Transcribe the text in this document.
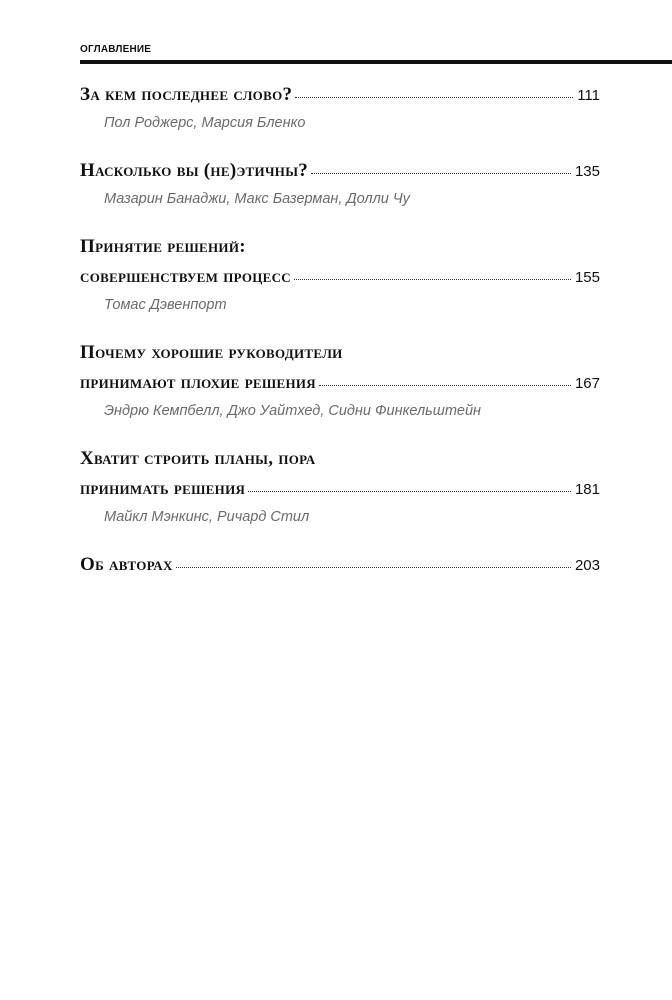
ОГЛАВЛЕНИЕ
За кем последнее слово?	111
Пол Роджерс, Марсия Бленко
Насколько вы (не)этичны?	135
Мазарин Банаджи, Макс Базерман, Долли Чу
Принятие решений:
совершенствуем процесс	155
Томас Дэвенпорт
Почему хорошие руководители
принимают плохие решения	167
Эндрю Кемпбелл, Джо Уайтхед, Сидни Финкельштейн
Хватит строить планы, пора
принимать решения	181
Майкл Мэнкинс, Ричард Стил
Об авторах	203
